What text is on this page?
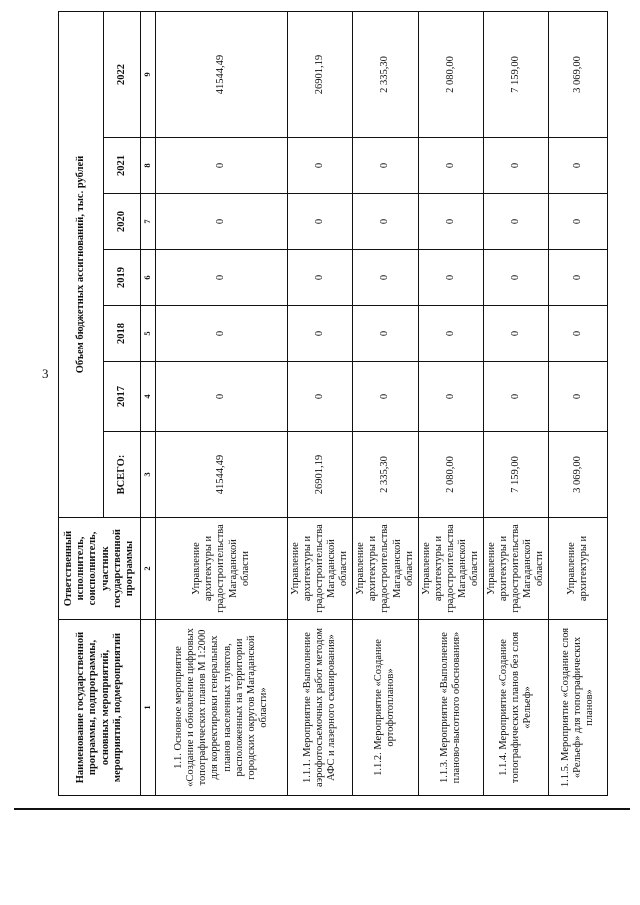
3
Наименование государственной программы, подпрограммы, основных мероприятий, мероприятий, подмероприятий	Ответственный исполнитель, соисполнитель, участник государственной программы	Объем бюджетных ассигнований, тыс. рублей						
		ВСЕГО:	2017	2018	2019	2020	2021	2022
1	2	3	4	5	6	7	8	9
1.1. Основное мероприятие «Создание и обновление цифровых топографических планов М 1:2000 для корректировки генеральных планов населенных пунктов, расположенных на территории городских округов Магаданской области»	Управление архитектуры и градостроительства Магаданской области	41544,49	0	0	0	0	0	41544,49
1.1.1. Мероприятие «Выполнение аэрофотосъемочных работ методом АФС и лазерного сканирования»	Управление архитектуры и градостроительства Магаданской области	26901,19	0	0	0	0	0	26901,19
1.1.2. Мероприятие «Создание ортофотопланов»	Управление архитектуры и градостроительства Магаданской области	2 335,30	0	0	0	0	0	2 335,30
1.1.3. Мероприятие «Выполнение планово-высотного обоснования»	Управление архитектуры и градостроительства Магаданской области	2 080,00	0	0	0	0	0	2 080,00
1.1.4. Мероприятие «Создание топографических планов без слоя «Рельеф»	Управление архитектуры и градостроительства Магаданской области	7 159,00	0	0	0	0	0	7 159,00
1.1.5. Мероприятие «Создание слоя «Рельеф» для топографических планов»	Управление архитектуры и	3 069,00	0	0	0	0	0	3 069,00
